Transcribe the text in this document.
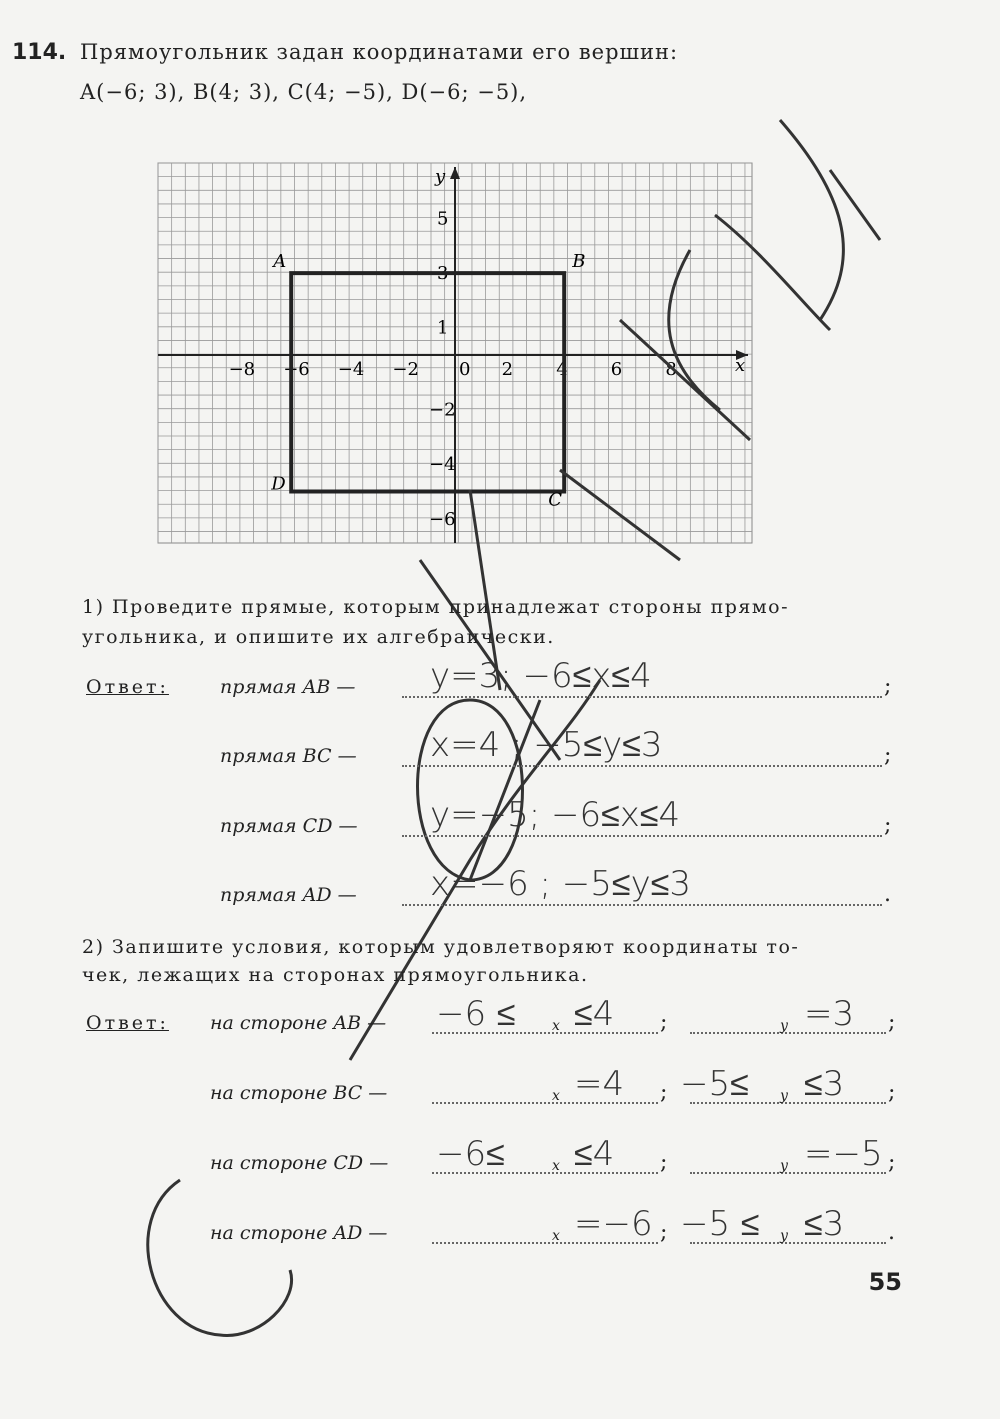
114. Прямоугольник задан координатами его вершин:
A(−6; 3), B(4; 3), C(4; −5), D(−6; −5),
x
y
−8 −6 −4 −2 0 2 4 6 8
5
3
1
−2
−4
−6
A	B
C
D
1) Проведите прямые, которым принадлежат стороны прямо-
угольника, и опишите их алгебраически.
Ответ:	прямая AB — y=3; −6≤x≤4	;
прямая BC — x=4 ; −5≤y≤3	;
прямая CD — y=−5; −6≤x≤4	;
прямая AD — x=−6 ; −5≤y≤3	.
2) Запишите условия, которым удовлетворяют координаты то-
чек, лежащих на сторонах прямоугольника.
Ответ: на стороне AB — −6 ≤	x ≤4 ;	y =3 ;
на стороне BC —	x =4 ; −5≤ y ≤3 ;
на стороне CD — −6≤	x ≤4 ;	y =−5 ;
на стороне AD —	x =−6 ; −5 ≤ y ≤3 .
55
